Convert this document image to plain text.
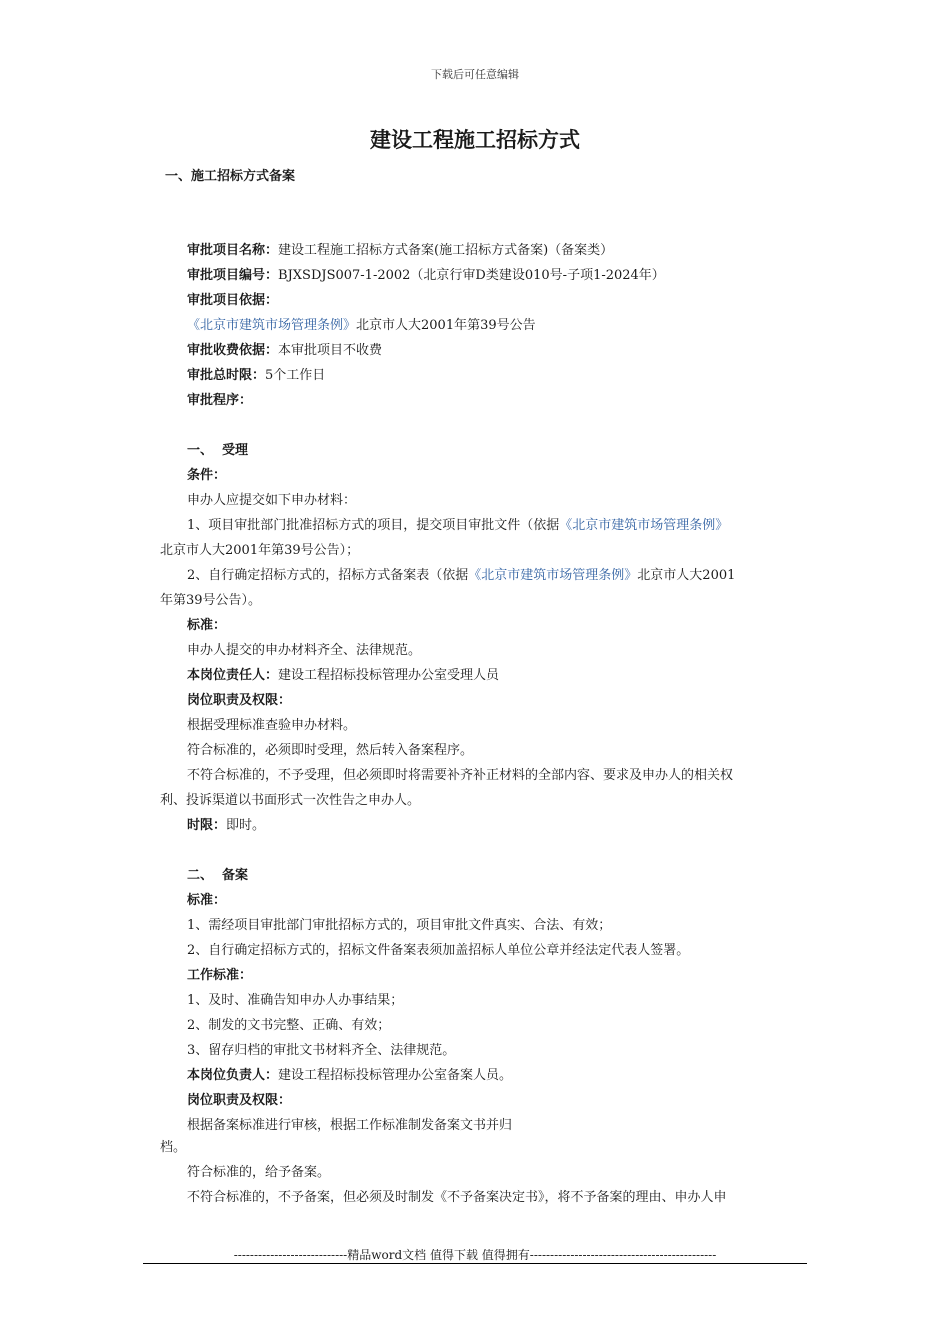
下载后可任意编辑
建设工程施工招标方式
一、施工招标方式备案
审批项目名称：建设工程施工招标方式备案(施工招标方式备案)（备案类）
审批项目编号：BJXSDJS007-1-2002（北京行审D类建设010号-子项1-2024年）
审批项目依据：
《北京市建筑市场管理条例》北京市人大2001年第39号公告
审批收费依据：本审批项目不收费
审批总时限：5个工作日
审批程序：
一、  受理
条件：
申办人应提交如下申办材料：
1、项目审批部门批准招标方式的项目，提交项目审批文件（依据《北京市建筑市场管理条例》
北京市人大2001年第39号公告）；
2、自行确定招标方式的，招标方式备案表（依据《北京市建筑市场管理条例》北京市人大2001
年第39号公告）。
标准：
申办人提交的申办材料齐全、法律规范。
本岗位责任人：建设工程招标投标管理办公室受理人员
岗位职责及权限：
根据受理标准查验申办材料。
符合标准的，必须即时受理，然后转入备案程序。
不符合标准的，不予受理，但必须即时将需要补齐补正材料的全部内容、要求及申办人的相关权
利、投诉渠道以书面形式一次性告之申办人。
时限：即时。
二、  备案
标准：
1、需经项目审批部门审批招标方式的，项目审批文件真实、合法、有效；
2、自行确定招标方式的，招标文件备案表须加盖招标人单位公章并经法定代表人签署。
工作标准：
1、及时、准确告知申办人办事结果；
2、制发的文书完整、正确、有效；
3、留存归档的审批文书材料齐全、法律规范。
本岗位负责人：建设工程招标投标管理办公室备案人员。
岗位职责及权限：
根据备案标准进行审核，根据工作标准制发备案文书并归
档。
符合标准的，给予备案。
不符合标准的，不予备案，但必须及时制发《不予备案决定书》，将不予备案的理由、申办人申
----------------------------精品word文档 值得下载 值得拥有----------------------------------------------
